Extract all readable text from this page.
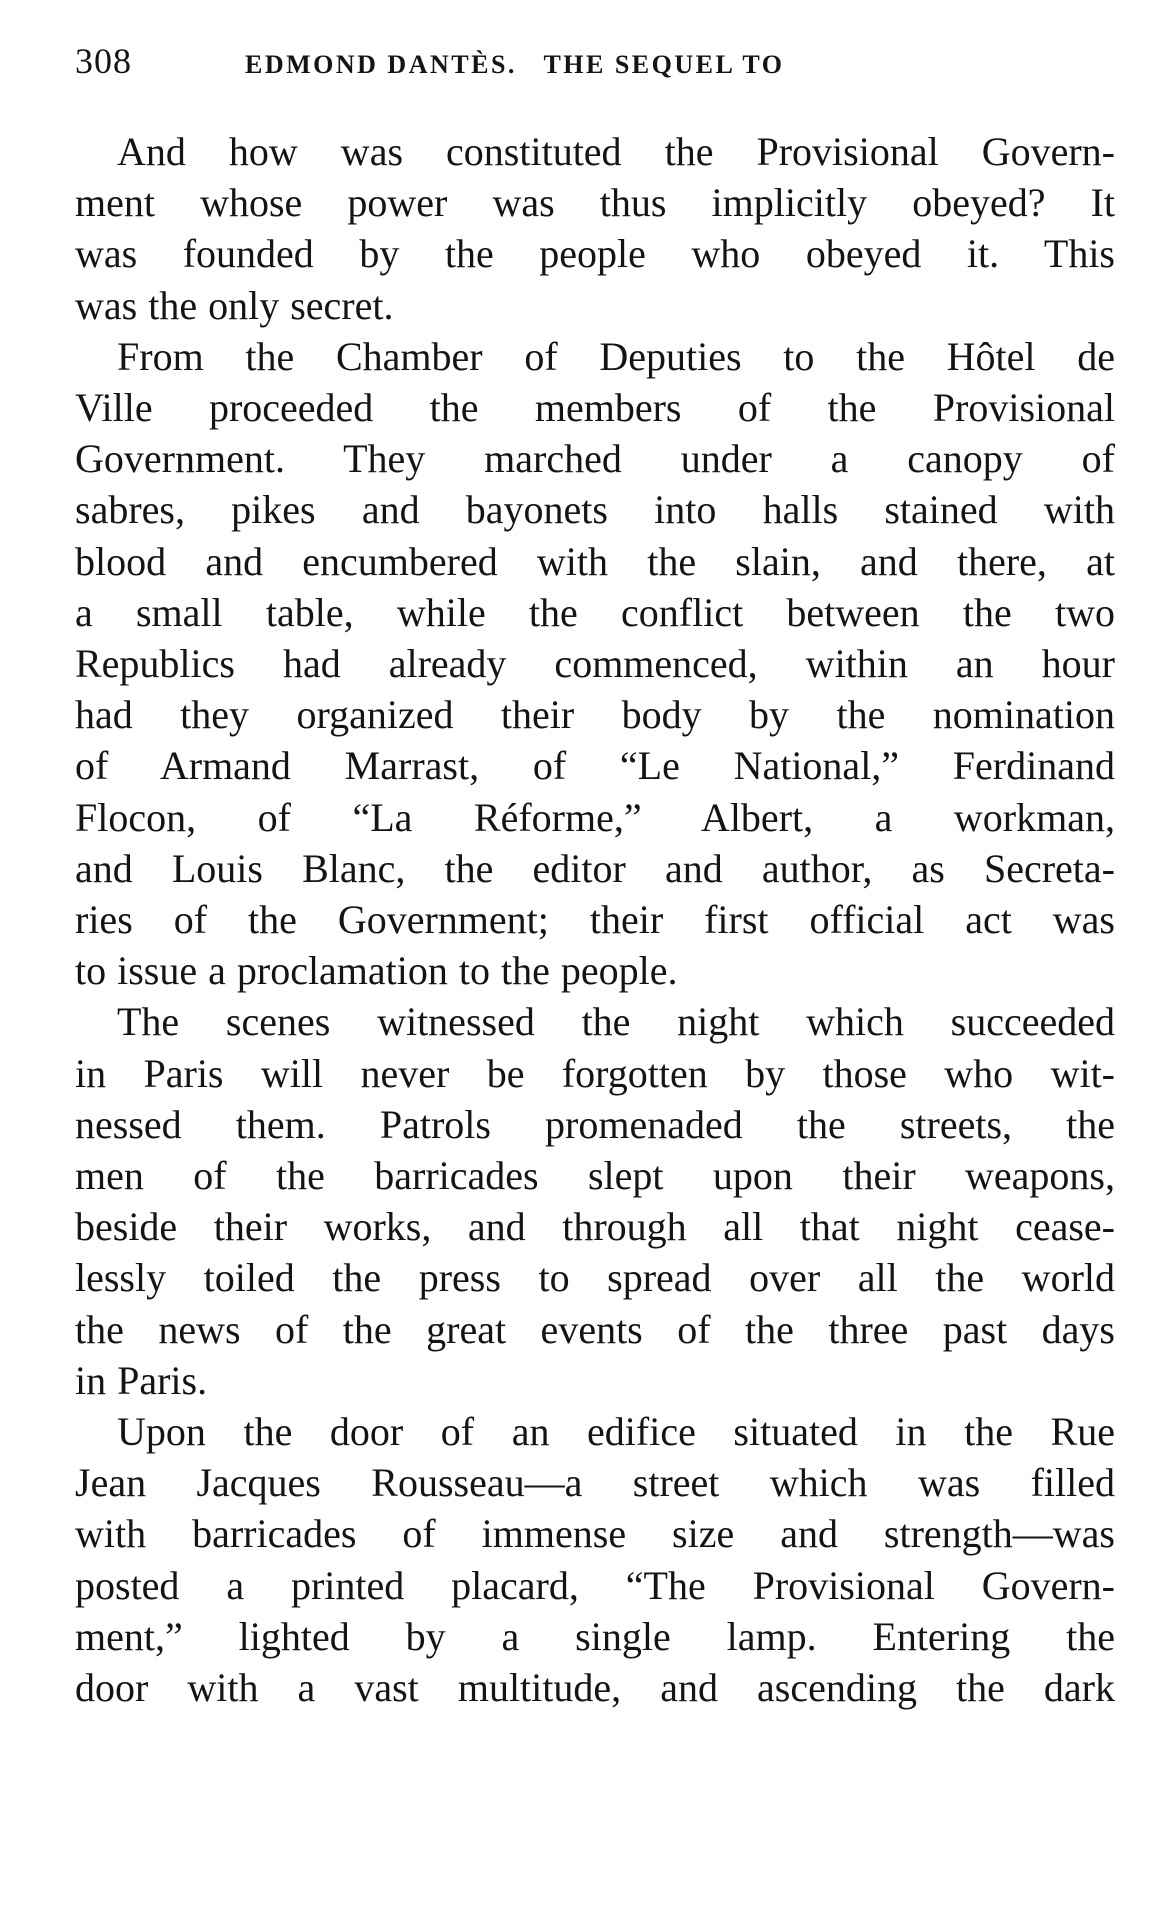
308	EDMOND DANTÈS.   THE SEQUEL TO

And how was constituted the Provisional Govern-
ment whose power was thus implicitly obeyed? It
was founded by the people who obeyed it. This
was the only secret.

From the Chamber of Deputies to the Hôtel de
Ville proceeded the members of the Provisional
Government. They marched under a canopy of
sabres, pikes and bayonets into halls stained with
blood and encumbered with the slain, and there, at
a small table, while the conflict between the two
Republics had already commenced, within an hour
had they organized their body by the nomination
of Armand Marrast, of “Le National,” Ferdinand
Flocon, of “La Réforme,” Albert, a workman,
and Louis Blanc, the editor and author, as Secreta-
ries of the Government; their first official act was
to issue a proclamation to the people.

The scenes witnessed the night which succeeded
in Paris will never be forgotten by those who wit-
nessed them. Patrols promenaded the streets, the
men of the barricades slept upon their weapons,
beside their works, and through all that night cease-
lessly toiled the press to spread over all the world
the news of the great events of the three past days
in Paris.

Upon the door of an edifice situated in the Rue
Jean Jacques Rousseau—a street which was filled
with barricades of immense size and strength—was
posted a printed placard, “The Provisional Govern-
ment,” lighted by a single lamp. Entering the
door with a vast multitude, and ascending the dark
